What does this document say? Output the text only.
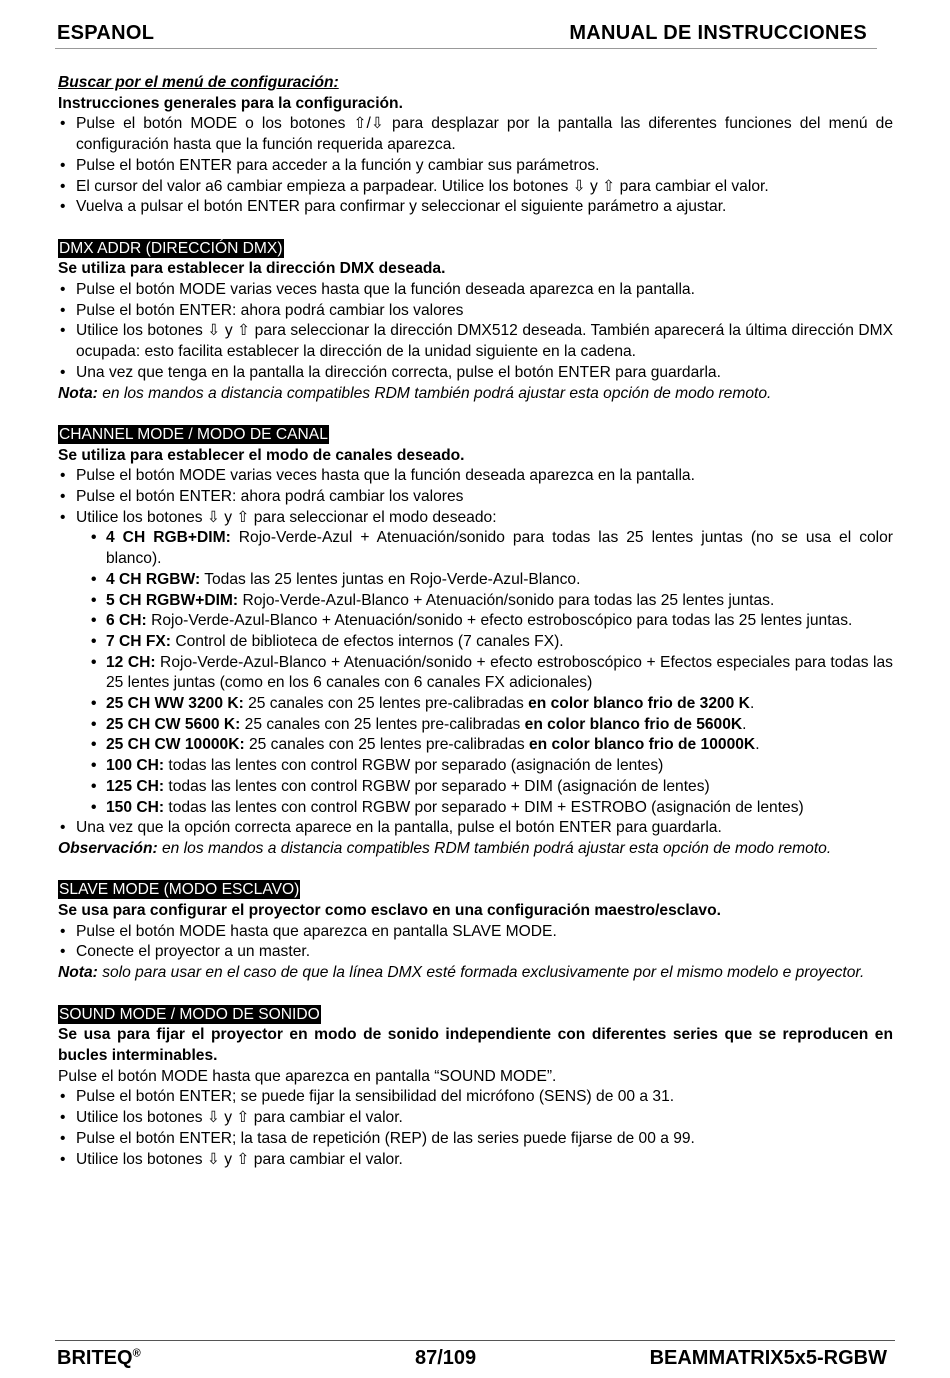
ESPANOL	MANUAL DE INSTRUCCIONES

Buscar por el menú de configuración:

Instrucciones generales para la configuración.

• Pulse el botón MODE o los botones ⇧/⇩ para desplazar por la pantalla las diferentes funciones del menú de configuración hasta que la función requerida aparezca.
• Pulse el botón ENTER para acceder a la función y cambiar sus parámetros.
• El cursor del valor a6 cambiar empieza a parpadear. Utilice los botones ⇩ y ⇧ para cambiar el valor.
• Vuelva a pulsar el botón ENTER para confirmar y seleccionar el siguiente parámetro a ajustar.

DMX ADDR (DIRECCIÓN DMX)

Se utiliza para establecer la dirección DMX deseada.

• Pulse el botón MODE varias veces hasta que la función deseada aparezca en la pantalla.
• Pulse el botón ENTER: ahora podrá cambiar los valores
• Utilice los botones ⇩ y ⇧ para seleccionar la dirección DMX512 deseada. También aparecerá la última dirección DMX ocupada: esto facilita establecer la dirección de la unidad siguiente en la cadena.
• Una vez que tenga en la pantalla la dirección correcta, pulse el botón ENTER para guardarla.

Nota: en los mandos a distancia compatibles RDM también podrá ajustar esta opción de modo remoto.

CHANNEL MODE / MODO DE CANAL

Se utiliza para establecer el modo de canales deseado.

• Pulse el botón MODE varias veces hasta que la función deseada aparezca en la pantalla.
• Pulse el botón ENTER: ahora podrá cambiar los valores
• Utilice los botones ⇩ y ⇧ para seleccionar el modo deseado:
• 4 CH RGB+DIM: Rojo-Verde-Azul + Atenuación/sonido para todas las 25 lentes juntas (no se usa el color blanco).
• 4 CH RGBW: Todas las 25 lentes juntas en Rojo-Verde-Azul-Blanco.
• 5 CH RGBW+DIM: Rojo-Verde-Azul-Blanco + Atenuación/sonido para todas las 25 lentes juntas.
• 6 CH: Rojo-Verde-Azul-Blanco + Atenuación/sonido + efecto estroboscópico para todas las 25 lentes juntas.
• 7 CH FX: Control de biblioteca de efectos internos (7 canales FX).
• 12 CH: Rojo-Verde-Azul-Blanco + Atenuación/sonido + efecto estroboscópico + Efectos especiales para todas las 25 lentes juntas (como en los 6 canales con 6 canales FX adicionales)
• 25 CH WW 3200 K: 25 canales con 25 lentes pre-calibradas en color blanco frio de 3200 K.
• 25 CH CW 5600 K: 25 canales con 25 lentes pre-calibradas en color blanco frio de 5600K.
• 25 CH CW 10000K: 25 canales con 25 lentes pre-calibradas en color blanco frio de 10000K.
• 100 CH: todas las lentes con control RGBW por separado (asignación de lentes)
• 125 CH: todas las lentes con control RGBW por separado + DIM (asignación de lentes)
• 150 CH: todas las lentes con control RGBW por separado + DIM + ESTROBO (asignación de lentes)
• Una vez que la opción correcta aparece en la pantalla, pulse el botón ENTER para guardarla.

Observación: en los mandos a distancia compatibles RDM también podrá ajustar esta opción de modo remoto.

SLAVE MODE (MODO ESCLAVO)

Se usa para configurar el proyector como esclavo en una configuración maestro/esclavo.

• Pulse el botón MODE hasta que aparezca en pantalla SLAVE MODE.
• Conecte el proyector a un master.

Nota: solo para usar en el caso de que la línea DMX esté formada exclusivamente por el mismo modelo e proyector.

SOUND MODE / MODO DE SONIDO

Se usa para fijar el proyector en modo de sonido independiente con diferentes series que se reproducen en bucles interminables.

Pulse el botón MODE hasta que aparezca en pantalla “SOUND MODE”.

• Pulse el botón ENTER; se puede fijar la sensibilidad del micrófono (SENS) de 00 a 31.
• Utilice los botones ⇩ y ⇧ para cambiar el valor.
• Pulse el botón ENTER; la tasa de repetición (REP) de las series puede fijarse de 00 a 99.
• Utilice los botones ⇩ y ⇧ para cambiar el valor.
BRITEQ®	87/109	BEAMMATRIX5x5-RGBW
